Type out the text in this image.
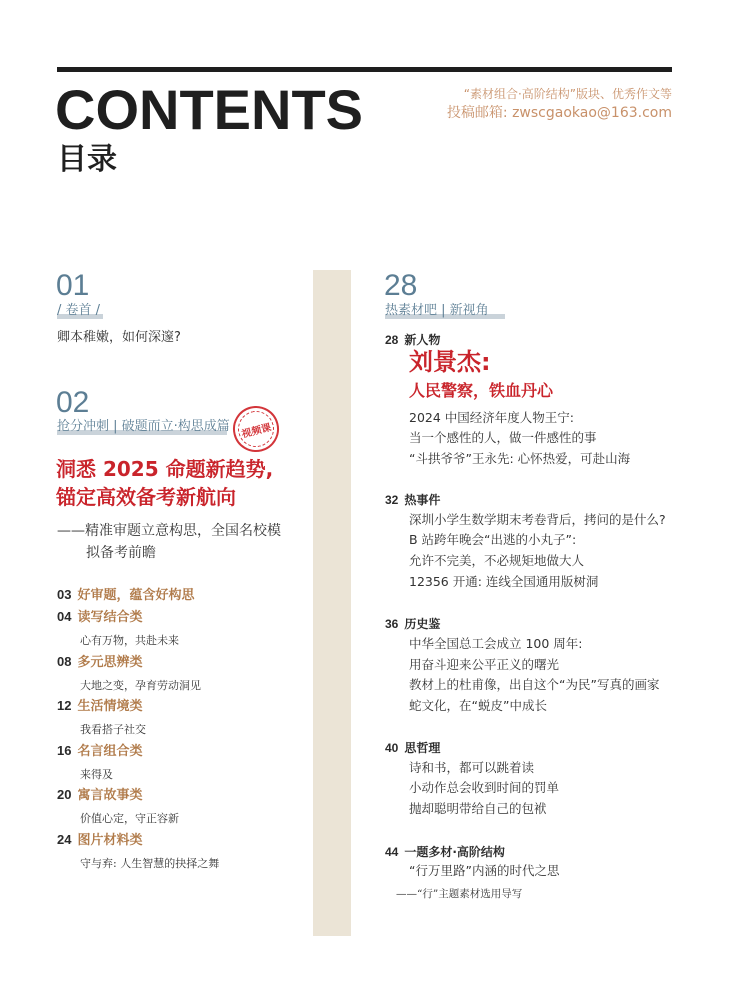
CONTENTS
目录
“素材组合·高阶结构”版块、优秀作文等
投稿邮箱: zwscgaokao@163.com
01
/ 卷首 /
卿本稚嫩，如何深邃?
02
抢分冲刺 | 破题而立·构思成篇 视频课
洞悉 2025 命题新趋势,
锚定高效备考新航向
——精准审题立意构思，全国名校模
拟备考前瞻
03 好审题，蕴含好构思
04 读写结合类
心有万物，共赴未来
08 多元思辨类
大地之变，孕育劳动洞见
12 生活情境类
我看搭子社交
16 名言组合类
来得及
20 寓言故事类
价值心定，守正容新
24 图片材料类
守与弃: 人生智慧的抉择之舞
28
热素材吧 | 新视角
28 新人物
刘景杰:
人民警察，铁血丹心
2024 中国经济年度人物王宁:
当一个感性的人，做一件感性的事
“斗拱爷爷”王永先: 心怀热爱，可赴山海
32 热事件
深圳小学生数学期末考卷背后，拷问的是什么?
B 站跨年晚会“出逃的小丸子”:
允许不完美，不必规矩地做大人
12356 开通: 连线全国通用版树洞
36 历史鉴
中华全国总工会成立 100 周年:
用奋斗迎来公平正义的曙光
教材上的杜甫像，出自这个“为民”写真的画家
蛇文化，在“蜕皮”中成长
40 思哲理
诗和书，都可以跳着读
小动作总会收到时间的罚单
抛却聪明带给自己的包袱
44 一题多材·高阶结构
“行万里路”内涵的时代之思
——“行”主题素材选用导写
